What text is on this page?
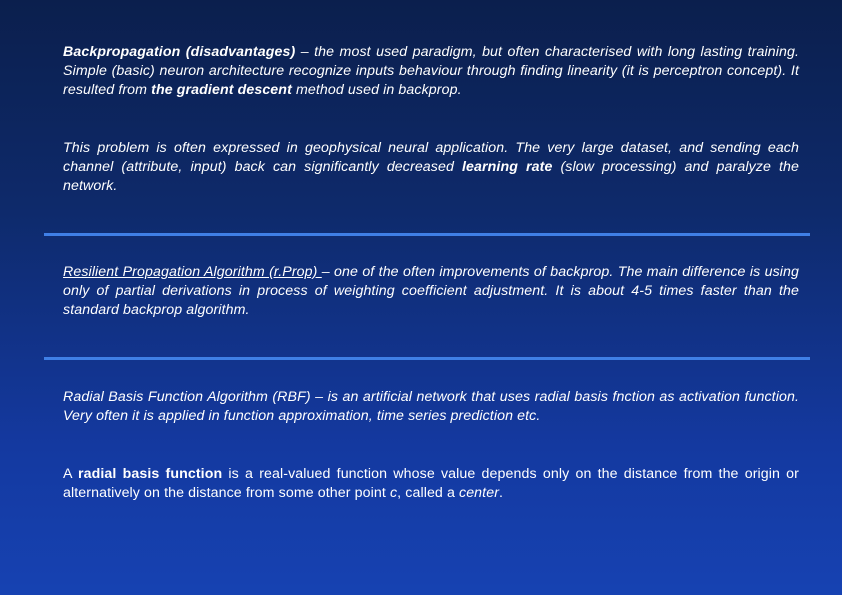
Backpropagation (disadvantages) – the most used paradigm, but often characterised with long lasting training. Simple (basic) neuron architecture recognize inputs behaviour through finding linearity (it is perceptron concept). It resulted from the gradient descent method used in backprop.
This problem is often expressed in geophysical neural application. The very large dataset, and sending each channel (attribute, input) back can significantly decreased learning rate (slow processing) and paralyze the network.
Resilient Propagation Algorithm (r.Prop) – one of the often improvements of backprop. The main difference is using only of partial derivations in process of weighting coefficient adjustment. It is about 4-5 times faster than the standard backprop algorithm.
Radial Basis Function Algorithm (RBF) – is an artificial network that uses radial basis fnction as activation function. Very often it is applied in function approximation, time series prediction etc.
A radial basis function is a real-valued function whose value depends only on the distance from the origin or alternatively on the distance from some other point c, called a center.
